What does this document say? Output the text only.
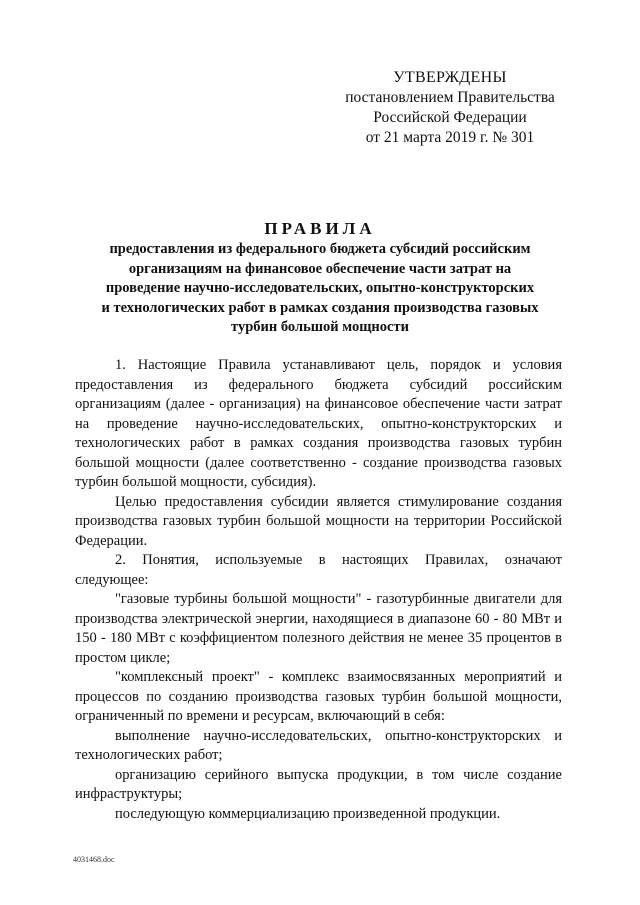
УТВЕРЖДЕНЫ
постановлением Правительства
Российской Федерации
от 21 марта 2019 г. № 301
ПРАВИЛА
предоставления из федерального бюджета субсидий российским организациям на финансовое обеспечение части затрат на проведение научно-исследовательских, опытно-конструкторских и технологических работ в рамках создания производства газовых турбин большой мощности

1. Настоящие Правила устанавливают цель, порядок и условия предоставления из федерального бюджета субсидий российским организациям (далее - организация) на финансовое обеспечение части затрат на проведение научно-исследовательских, опытно-конструкторских и технологических работ в рамках создания производства газовых турбин большой мощности (далее соответственно - создание производства газовых турбин большой мощности, субсидия).

Целью предоставления субсидии является стимулирование создания производства газовых турбин большой мощности на территории Российской Федерации.

2. Понятия, используемые в настоящих Правилах, означают следующее:

"газовые турбины большой мощности" - газотурбинные двигатели для производства электрической энергии, находящиеся в диапазоне 60 - 80 МВт и 150 - 180 МВт с коэффициентом полезного действия не менее 35 процентов в простом цикле;

"комплексный проект" - комплекс взаимосвязанных мероприятий и процессов по созданию производства газовых турбин большой мощности, ограниченный по времени и ресурсам, включающий в себя:

выполнение научно-исследовательских, опытно-конструкторских и технологических работ;

организацию серийного выпуска продукции, в том числе создание инфраструктуры;

последующую коммерциализацию произведенной продукции.

4031468.doc
